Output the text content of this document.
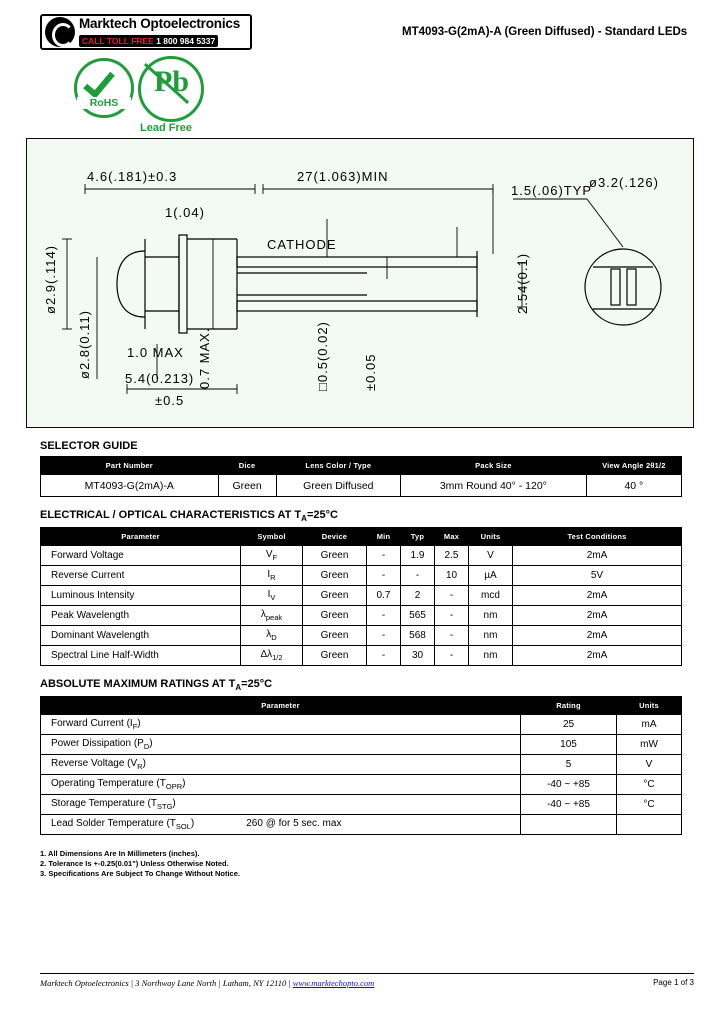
Marktech Optoelectronics
CALL TOLL FREE 1 800 984 5337
MT4093-G(2mA)-A (Green Diffused) - Standard LEDs
RoHS
Pb
Lead Free
4.6(.181)±0.3	27(1.063)MIN
1(.04)
CATHODE
1.5(.06)TYP
ø3.2(.126)
ø2.9(.114)
ø2.8(0.11)
2.54(0.1)
1.0 MAX
5.4(0.213)
±0.5
0.7 MAX.	□0.5(0.02)	±0.05
SELECTOR GUIDE
Part Number	Dice	Lens Color / Type	Pack Size	View Angle 2θ1/2
MT4093-G(2mA)-A	Green	Green Diffused	3mm Round 40° - 120°	40 °
ELECTRICAL / OPTICAL CHARACTERISTICS AT $T_A=25^\circ C$
Parameter	Symbol	Device	Min	Typ	Max	Units	Test Conditions
Forward Voltage	$V_F$	Green	-	1.9	2.5	V	2mA
Reverse Current	$I_R$	Green	-	-	10	µA	5V
Luminous Intensity	$I_V$	Green	0.7	2	-	mcd	2mA
Peak Wavelength	$\lambda_{peak}$	Green	-	565	-	nm	2mA
Dominant Wavelength	$\lambda_D$	Green	-	568	-	nm	2mA
Spectral Line Half-Width	$\Delta\lambda_{1/2}$	Green	-	30	-	nm	2mA
ABSOLUTE MAXIMUM RATINGS AT $T_A=25^\circ C$
Parameter	Rating	Units
Forward Current $(I_F)$	25	mA
Power Dissipation $(P_D)$	105	mW
Reverse Voltage $(V_R)$	5	V
Operating Temperature $(T_{OPR})$	-40 ~ +85	°C
Storage Temperature $(T_{STG})$	-40 ~ +85	°C
Lead Solder Temperature $(T_{SOL})$ 260 @ for 5 sec. max		
1. All Dimensions Are In Millimeters (inches).
2. Tolerance Is +-0.25(0.01") Unless Otherwise Noted.
3. Specifications Are Subject To Change Without Notice.
Marktech Optoelectronics | 3 Northway Lane North | Latham, NY 12110 | www.marktechopto.com	Page 1 of 3
